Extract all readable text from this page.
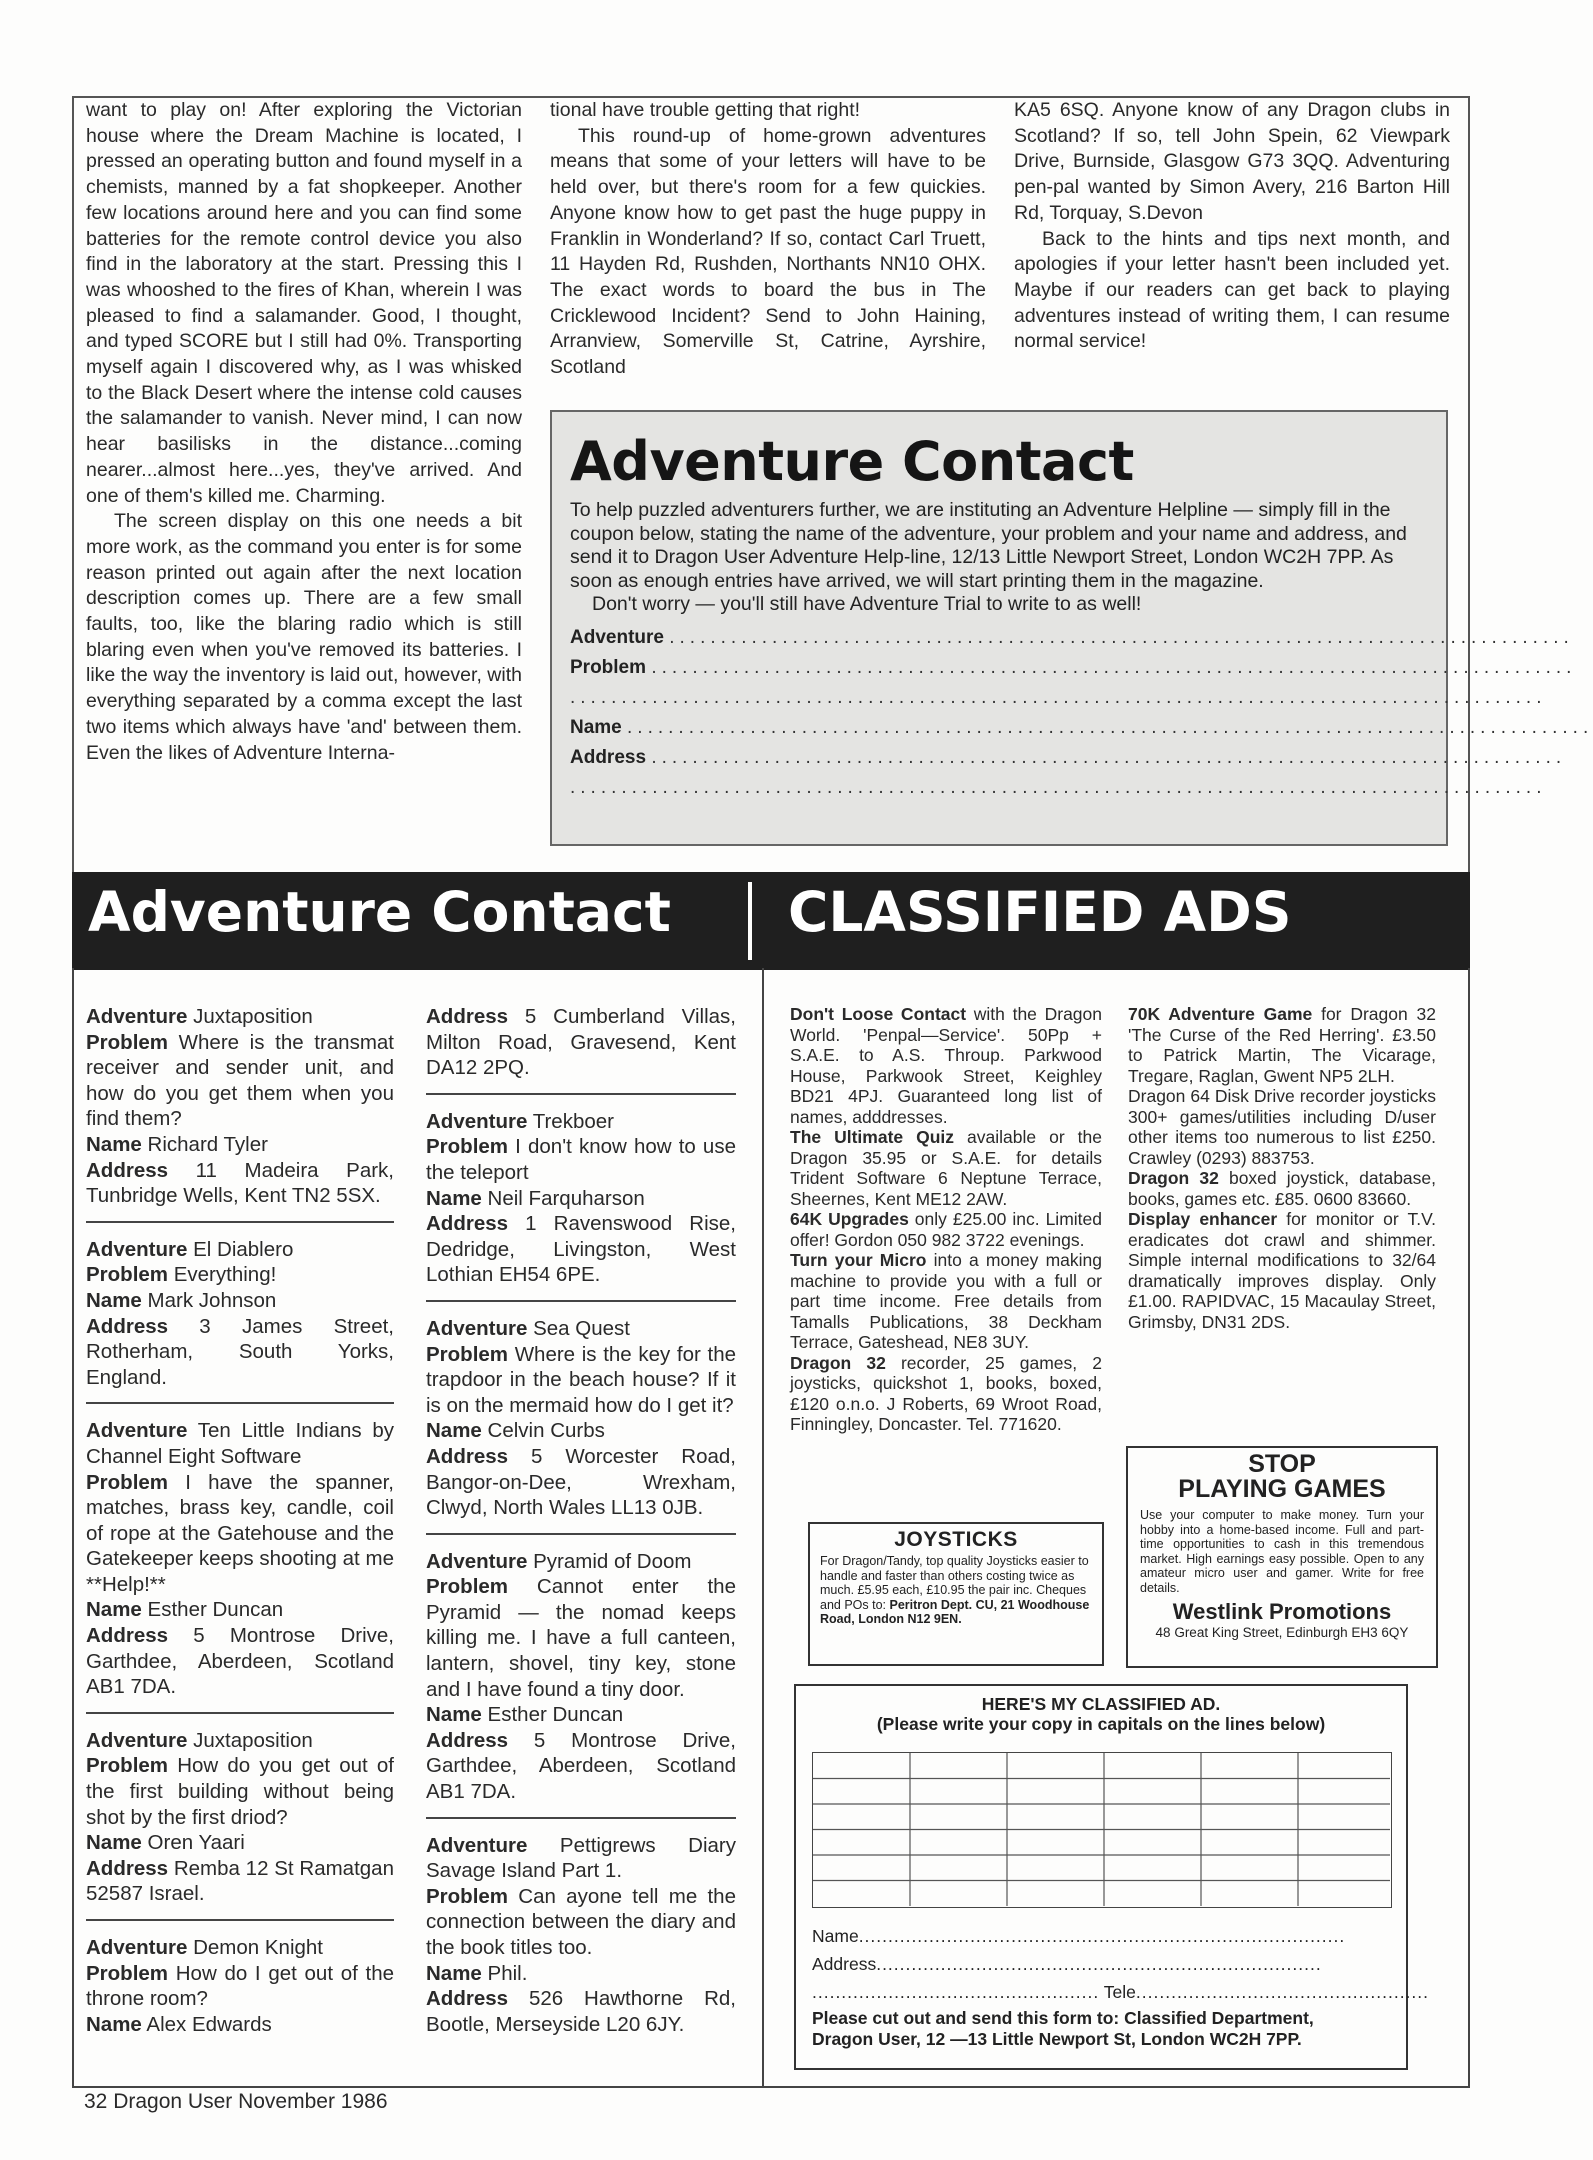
want to play on! After exploring the Victorian house where the Dream Machine is located, I pressed an operating button and found myself in a chemists, manned by a fat shopkeeper. Another few locations around here and you can find some batteries for the remote control device you also find in the laboratory at the start. Pressing this I was whooshed to the fires of Khan, wherein I was pleased to find a salamander. Good, I thought, and typed SCORE but I still had 0%. Transporting myself again I discovered why, as I was whisked to the Black Desert where the intense cold causes the salamander to vanish. Never mind, I can now hear basilisks in the distance...coming nearer...almost here...yes, they've arrived. And one of them's killed me. Charming.

The screen display on this one needs a bit more work, as the command you enter is for some reason printed out again after the next location description comes up. There are a few small faults, too, like the blaring radio which is still blaring even when you've removed its batteries. I like the way the inventory is laid out, however, with everything separated by a comma except the last two items which always have 'and' between them. Even the likes of Adventure Interna-

tional have trouble getting that right!

This round-up of home-grown adventures means that some of your letters will have to be held over, but there's room for a few quickies. Anyone know how to get past the huge puppy in Franklin in Wonderland? If so, contact Carl Truett, 11 Hayden Rd, Rushden, Northants NN10 OHX. The exact words to board the bus in The Cricklewood Incident? Send to John Haining, Arranview, Somerville St, Catrine, Ayrshire, Scotland

KA5 6SQ. Anyone know of any Dragon clubs in Scotland? If so, tell John Spein, 62 Viewpark Drive, Burnside, Glasgow G73 3QQ. Adventuring pen-pal wanted by Simon Avery, 216 Barton Hill Rd, Torquay, S.Devon

Back to the hints and tips next month, and apologies if your letter hasn't been included yet. Maybe if our readers can get back to playing adventures instead of writing them, I can resume normal service!

Adventure Contact

To help puzzled adventurers further, we are instituting an Adventure Helpline — simply fill in the coupon below, stating the name of the adventure, your problem and your name and address, and send it to Dragon User Adventure Help-line, 12/13 Little Newport Street, London WC2H 7PP. As soon as enough entries have arrived, we will start printing them in the magazine.

Don't worry — you'll still have Adventure Trial to write to as well!

Adventure ........................................................................................
Problem ..........................................................................................
...............................................................................................
Name ..............................................................................................
Address .........................................................................................
...............................................................................................
Adventure Contact CLASSIFIED ADS

Adventure Juxtaposition

Problem Where is the transmat receiver and sender unit, and how do you get them when you find them?

Name Richard Tyler

Address 11 Madeira Park, Tunbridge Wells, Kent TN2 5SX.

Adventure El Diablero

Problem Everything!

Name Mark Johnson

Address 3 James Street, Rotherham, South Yorks, England.

Adventure Ten Little Indians by Channel Eight Software

Problem I have the spanner, matches, brass key, candle, coil of rope at the Gatehouse and the Gatekeeper keeps shooting at me **Help!**

Name Esther Duncan

Address 5 Montrose Drive, Garthdee, Aberdeen, Scotland AB1 7DA.

Adventure Juxtaposition

Problem How do you get out of the first building without being shot by the first driod?

Name Oren Yaari

Address Remba 12 St Ramatgan 52587 Israel.

Adventure Demon Knight

Problem How do I get out of the throne room?

Name Alex Edwards

Address 5 Cumberland Villas, Milton Road, Gravesend, Kent DA12 2PQ.

Adventure Trekboer

Problem I don't know how to use the teleport

Name Neil Farquharson

Address 1 Ravenswood Rise, Dedridge, Livingston, West Lothian EH54 6PE.

Adventure Sea Quest

Problem Where is the key for the trapdoor in the beach house? If it is on the mermaid how do I get it?

Name Celvin Curbs

Address 5 Worcester Road, Bangor-on-Dee, Wrexham, Clwyd, North Wales LL13 0JB.

Adventure Pyramid of Doom

Problem Cannot enter the Pyramid — the nomad keeps killing me. I have a full canteen, lantern, shovel, tiny key, stone and I have found a tiny door.

Name Esther Duncan

Address 5 Montrose Drive, Garthdee, Aberdeen, Scotland AB1 7DA.

Adventure Pettigrews Diary Savage Island Part 1.

Problem Can ayone tell me the connection between the diary and the book titles too.

Name Phil.

Address 526 Hawthorne Rd, Bootle, Merseyside L20 6JY.

Don't Loose Contact with the Dragon World. 'Penpal—Service'. 50Pp + S.A.E. to A.S. Throup. Parkwood House, Parkwook Street, Keighley BD21 4PJ. Guaranteed long list of names, adddresses.

The Ultimate Quiz available or the Dragon 35.95 or S.A.E. for details Trident Software 6 Neptune Terrace, Sheernes, Kent ME12 2AW.

64K Upgrades only £25.00 inc. Limited offer! Gordon 050 982 3722 evenings.

Turn your Micro into a money making machine to provide you with a full or part time income. Free details from Tamalls Publications, 38 Deckham Terrace, Gateshead, NE8 3UY.

Dragon 32 recorder, 25 games, 2 joysticks, quickshot 1, books, boxed, £120 o.n.o. J Roberts, 69 Wroot Road, Finningley, Doncaster. Tel. 771620.

70K Adventure Game for Dragon 32 'The Curse of the Red Herring'. £3.50 to Patrick Martin, The Vicarage, Tregare, Raglan, Gwent NP5 2LH.

Dragon 64 Disk Drive recorder joysticks 300+ games/utilities including D/user other items too numerous to list £250. Crawley (0293) 883753.

Dragon 32 boxed joystick, database, books, games etc. £85. 0600 83660.

Display enhancer for monitor or T.V. eradicates dot crawl and shimmer. Simple internal modifications to 32/64 dramatically improves display. Only £1.00. RAPIDVAC, 15 Macaulay Street, Grimsby, DN31 2DS.

JOYSTICKS

For Dragon/Tandy, top quality Joysticks easier to handle and faster than others costing twice as much. £5.95 each, £10.95 the pair inc. Cheques and POs to: Peritron Dept. CU, 21 Woodhouse Road, London N12 9EN.

STOP

PLAYING GAMES

Use your computer to make money. Turn your hobby into a home-based income. Full and part-time opportunities to cash in this tremendous market. High earnings easy possible. Open to any amateur micro user and gamer. Write for free details.

Westlink Promotions

48 Great King Street, Edinburgh EH3 6QY

HERE'S MY CLASSIFIED AD.

(Please write your copy in capitals on the lines below)

Name...................................................................................
Address............................................................................
................................................. Tele..................................................
Please cut out and send this form to: Classified Department,
Dragon User, 12 —13 Little Newport St, London WC2H 7PP.
32 Dragon User November 1986
